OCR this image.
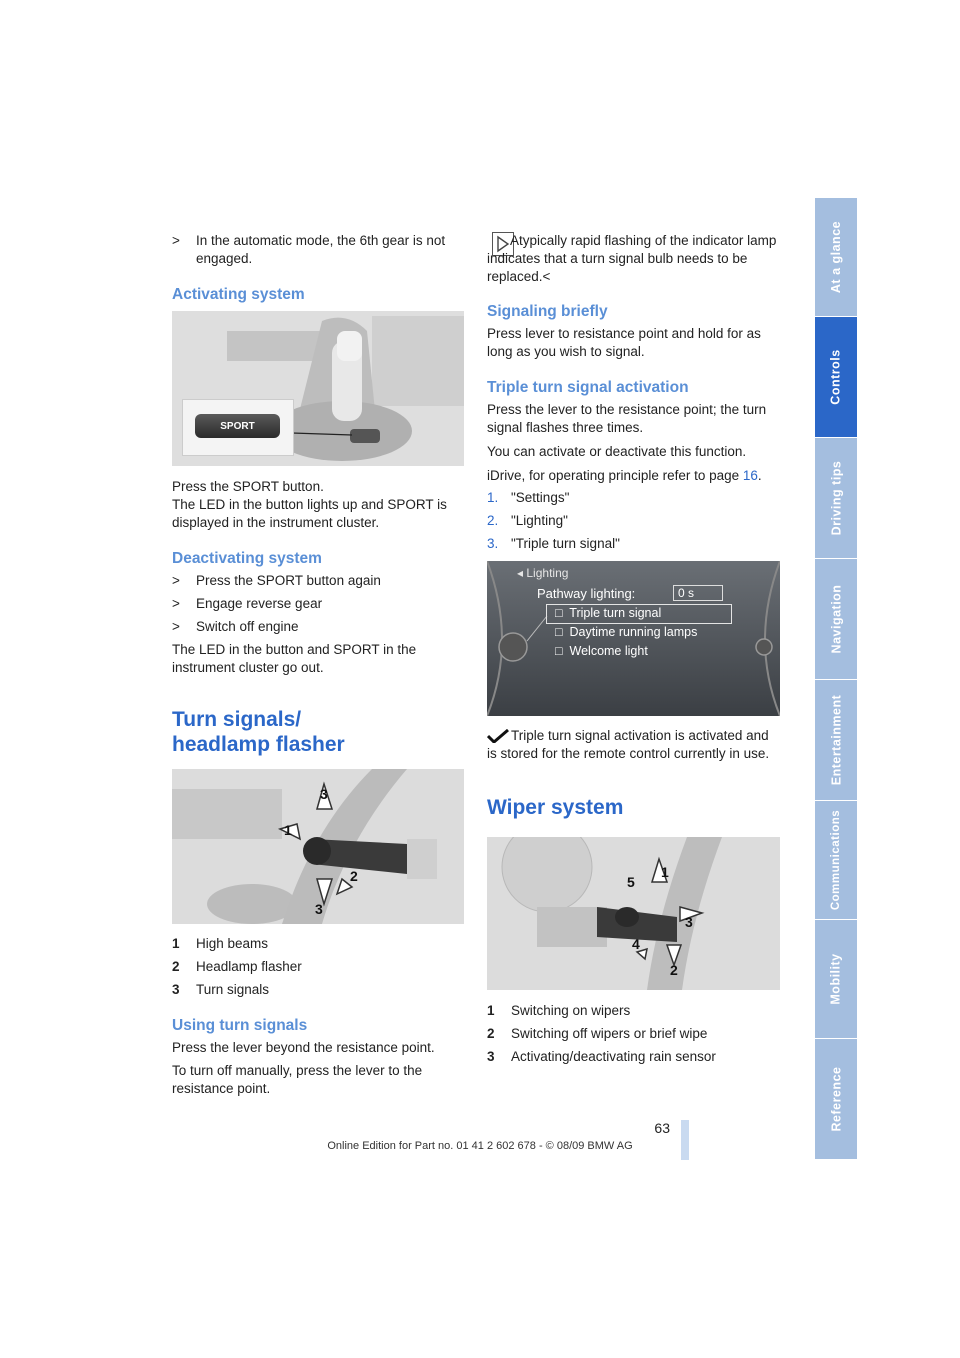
At a glance
Controls
Driving tips
Navigation
Entertainment
Communications
Mobility
Reference
>	In the automatic mode, the 6th gear is not engaged.
Activating system
SPORT
Press the SPORT button.
The LED in the button lights up and SPORT is displayed in the instrument cluster.
Deactivating system
>	Press the SPORT button again
>	Engage reverse gear
>	Switch off engine
The LED in the button and SPORT in the instrument cluster go out.
Turn signals/
headlamp flasher
3
1
2
3
1	High beams
2	Headlamp flasher
3	Turn signals
Using turn signals
Press the lever beyond the resistance point.
To turn off manually, press the lever to the resistance point.
Atypically rapid flashing of the indicator lamp indicates that a turn signal bulb needs to be replaced.<
Signaling briefly
Press lever to resistance point and hold for as long as you wish to signal.
Triple turn signal activation
Press the lever to the resistance point; the turn signal flashes three times.
You can activate or deactivate this function.
iDrive, for operating principle refer to page 16.
1. "Settings"
2. "Lighting"
3. "Triple turn signal"
◂ Lighting
Pathway lighting:	0 s
□ Triple turn signal
□ Daytime running lamps
□ Welcome light
Triple turn signal activation is activated and is stored for the remote control currently in use.
Wiper system
5
1
3
2
4
1	Switching on wipers
2	Switching off wipers or brief wipe
3	Activating/deactivating rain sensor
63
Online Edition for Part no. 01 41 2 602 678 - © 08/09 BMW AG
